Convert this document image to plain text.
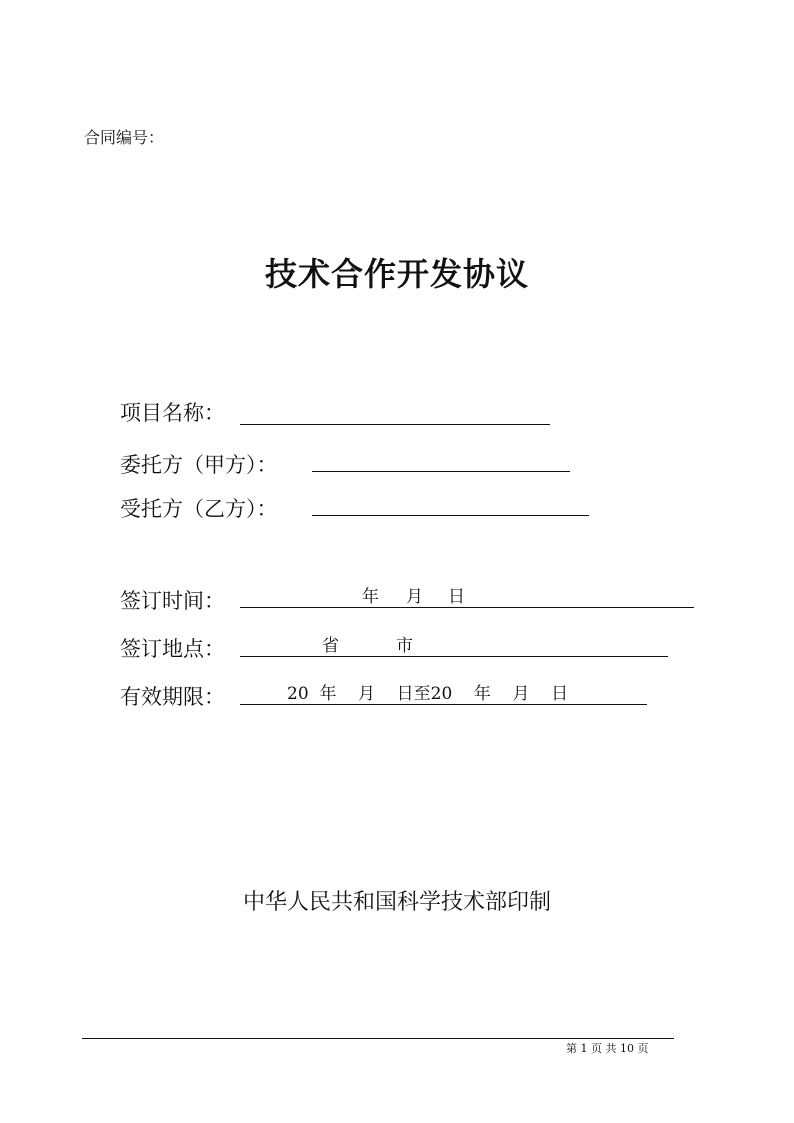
合同编号：
技术合作开发协议
项目名称：
委托方（甲方）：
受托方（乙方）：
签订时间：	年 月 日
签订地点：	省	市
有效期限：	20  年    月    日至20    年    月    日
中华人民共和国科学技术部印制
第 1 页 共 10 页
